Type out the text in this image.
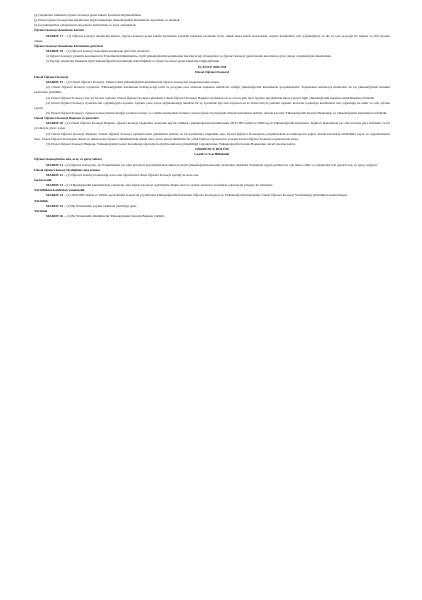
g) Çalışmaları hakkında öğrenci konseyi genel kurulu üyelerini bilgilendirmek.

ğ) Ulusal öğrenci konseyinin kurullarına bağlı bulunduğu yükseköğretim kurumunda duyurmak ve izlemek.

h) Gerçekleştirilen çalışmaların raporlarını hazırlamak ve arşiv oluşturmak.

Öğrenci konseyi denetleme kurulu

MADDE 17 – (1) Öğrenci konseyi denetleme kurulu, öğrenci konseyi genel kurulu üyelerinin yönetim kuruluna seçilenler hariç olmak üzere kendi aralarından, seçime katılanların salt çoğunluğuyla ve iki yıl için seçeceği bir başkan ve dört üyeden oluşur.

Öğrenci konseyi denetleme kurulunun görevleri

MADDE 18 – (1) Öğrenci konseyi denetleme kurulunun görevleri şunlardır:

a) Öğrenci konseyi yönetim kurulunun bu Yönetmelik hükümlerine, ilgili yükseköğretim kurumunun hazırlayacağı yönergelere ve öğrenci konseyi genel kurulu kararlarına göre çalışıp çalışmadığını denetlemek.

b) Yaptığı çalışmalar hakkında ilgili yükseköğretim kurumunun rektörlüğünü ve öğrenci konseyi genel kurulunu bilgilendirmek.

ÜÇÜNCÜ BÖLÜM

Ulusal Öğrenci Konseyi

Ulusal Öğrenci Konseyi

MADDE 19 – (1) Ulusal Öğrenci Konseyi, Türkiye'deki yükseköğretim kurumlarının öğrenci konseyleri başkanlarından oluşur.

(2) Ulusal Öğrenci Konseyi toplantısı, Yükseköğretim Kurulunun belirleyeceği tarih ve program esas alınarak başkanın temsilcisi olduğu yükseköğretim kurumunda gerçekleştirilir. Toplantının sekreterya hizmetleri de bu yükseköğretim kurumu tarafından yürütülür.

(3) Ulusal Öğrenci Konseyi, her yıl bir kez toplanır. Ulusal Öğrenci Konseyi gündemi, Ulusal Öğrenci Konseyi Başkanı tarafından en az on beş gün önce üyelere duyurulmak üzere yazıyla ilgili yükseköğretim kurumu rektörlüklerine bildirilir.

(4) Ulusal Öğrenci Konseyi, üyelerin salt çoğunluğuyla toplanır, toplantı yeter sayısı sağlanamadığı takdirde bir ay içerisinde üye tam sayısının en az dörtte biriyle yeniden toplanır. Kararlar toplantıya katılanların salt çoğunluğu ile alınır ve açık oylama yapılır.

(5) Ulusal Öğrenci Konseyi, öğrenci konseylerinin iletişği sorunları tartışır ve çözüm önerilerinde bulunur, ulusal öğrenci konseyinin dönem hedeflerini belirler. Alınan kararlar Yükseköğretim Kurulu Başkanlığı ve yükseköğretim kurumlarına bildirilir.

Ulusal Öğrenci Konseyi Başkanı ve görevleri

MADDE 20 –(1) Ulusal Öğrenci Konseyi Başkanı, öğrenci konseyi başkanları arasından kayıtlı oldukları yükseköğretim kurumlarının 28/3/1983 tarihli ve 2809 sayılı Yükseköğretim Kurumları Teşkilatı Kanununda yer alan sırasına göre belirlenir ve bir yıl süreyle görev yapar.

(2) Ulusal Öğrenci Konseyi Başkanı; Ulusal Öğrenci Konseyi toplantılarının gündemini belirler ve bu toplantılara başkanlık eder, Ulusal Öğrenci Konseyinin çalışmalarında koordinasyonu sağlar, alınan kararların bildirimini yapar ve uygulanmasını izler, Ulusal Öğrenci Konseyini ulusal ve uluslararası öğrenci etkinliklerinde temsil eder, görev süresi bitiminde bir yıllık faaliyet raporunu bir sonraki Ulusal Öğrenci Konseyi toplantısında sunar.

(3) Ulusal Öğrenci Konseyi Başkanı, Yükseköğretim Genel Kurulunun öğrencilerle ilgili konuların görüşüldüğü toplantılarına, Yükseköğretim Kurulu Başkanının daveti üzerine katılır.

DÖRDÜNCÜ BÖLÜM

Çeşitli ve Son Hükümler

Öğrenci konseylerine oda, araç ve gereç tahsisi

MADDE 21 –(1) Öğrenci konseyine, bu Yönetmelikte yer alan görevleri gerçekleştirmek amacıyla ilgili yükseköğretim kurumu tarafından, imkânlar ölçüsünde uygun görülen bir oda tahsis edilir ve çalışmaları için gerekli araç ve gereç sağlanır.

Ulusal öğrenci konseyi üyeliğinin sona ermesi

MADDE 22 – (1) Öğrenci konseyi başkanlığı sona eren öğrencinin Ulusal Öğrenci Konseyi üyeliği de sona erer.

Seçim usulü

MADDE 23 –(1) Yükseköğretim kurumlarında yapılacak olan öğrenci konseyi seçimlerine ilişkin usul ve esaslar senatolar tarafından çıkarılacak yönerge ile belirlenir.

Yürürlükten kaldırılan yönetmelik

MADDE 24 – (1) 20/9/2005 tarihli ve 25942 sayılı Resmî Gazete'de yayımlanan Yükseköğretim Kurumları Öğrenci Konseyleri ve Yükseköğretim Kurumları Ulusal Öğrenci Konseyi Yönetmeliği yürürlükten kaldırılmıştır.

Yürürlük

MADDE 25 – (1) Bu Yönetmelik yayımı tarihinde yürürlüğe girer.

Yürütme

MADDE 26 – (1) Bu Yönetmelik hükümlerini Yükseköğretim Kurulu Başkanı yürütür.
